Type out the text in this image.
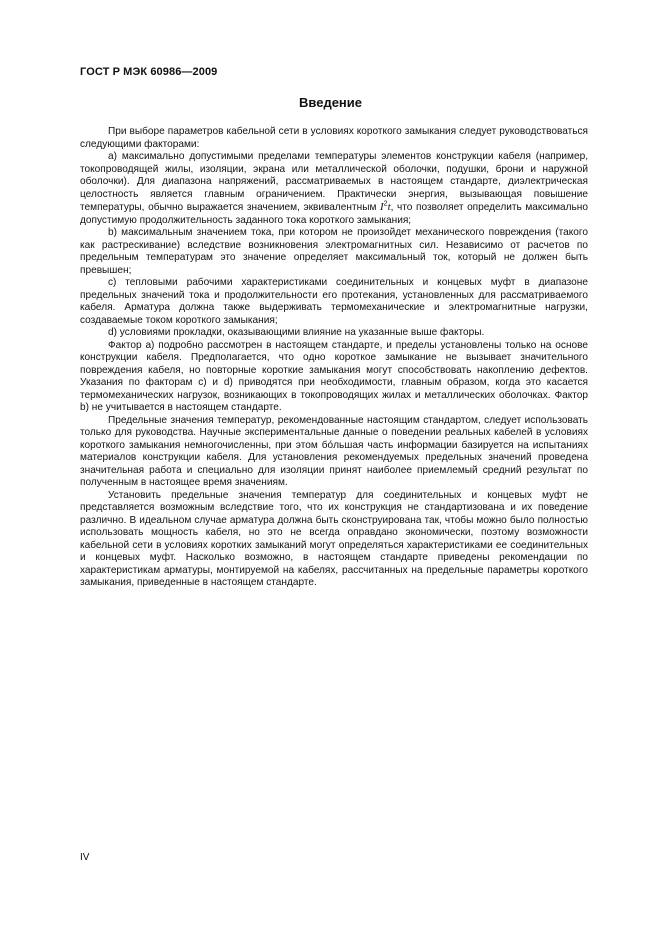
ГОСТ Р МЭК 60986—2009
Введение

При выборе параметров кабельной сети в условиях короткого замыкания следует руководствоваться следующими факторами:

a) максимально допустимыми пределами температуры элементов конструкции кабеля (например, токопроводящей жилы, изоляции, экрана или металлической оболочки, подушки, брони и наружной оболочки). Для диапазона напряжений, рассматриваемых в настоящем стандарте, диэлектрическая целостность является главным ограничением. Практически энергия, вызывающая повышение температуры, обычно выражается значением, эквивалентным $I^2t$, что позволяет определить максимально допустимую продолжительность заданного тока короткого замыкания;

b) максимальным значением тока, при котором не произойдет механического повреждения (такого как растрескивание) вследствие возникновения электромагнитных сил. Независимо от расчетов по предельным температурам это значение определяет максимальный ток, который не должен быть превышен;

c) тепловыми рабочими характеристиками соединительных и концевых муфт в диапазоне предельных значений тока и продолжительности его протекания, установленных для рассматриваемого кабеля. Арматура должна также выдерживать термомеханические и электромагнитные нагрузки, создаваемые током короткого замыкания;

d) условиями прокладки, оказывающими влияние на указанные выше факторы.

Фактор a) подробно рассмотрен в настоящем стандарте, и пределы установлены только на основе конструкции кабеля. Предполагается, что одно короткое замыкание не вызывает значительного повреждения кабеля, но повторные короткие замыкания могут способствовать накоплению дефектов. Указания по факторам c) и d) приводятся при необходимости, главным образом, когда это касается термомеханических нагрузок, возникающих в токопроводящих жилах и металлических оболочках. Фактор b) не учитывается в настоящем стандарте.

Предельные значения температур, рекомендованные настоящим стандартом, следует использовать только для руководства. Научные экспериментальные данные о поведении реальных кабелей в условиях короткого замыкания немногочисленны, при этом бо́льшая часть информации базируется на испытаниях материалов конструкции кабеля. Для установления рекомендуемых предельных значений проведена значительная работа и специально для изоляции принят наиболее приемлемый средний результат по полученным в настоящее время значениям.

Установить предельные значения температур для соединительных и концевых муфт не представляется возможным вследствие того, что их конструкция не стандартизована и их поведение различно. В идеальном случае арматура должна быть сконструирована так, чтобы можно было полностью использовать мощность кабеля, но это не всегда оправдано экономически, поэтому возможности кабельной сети в условиях коротких замыканий могут определяться характеристиками ее соединительных и концевых муфт. Насколько возможно, в настоящем стандарте приведены рекомендации по характеристикам арматуры, монтируемой на кабелях, рассчитанных на предельные параметры короткого замыкания, приведенные в настоящем стандарте.

IV
